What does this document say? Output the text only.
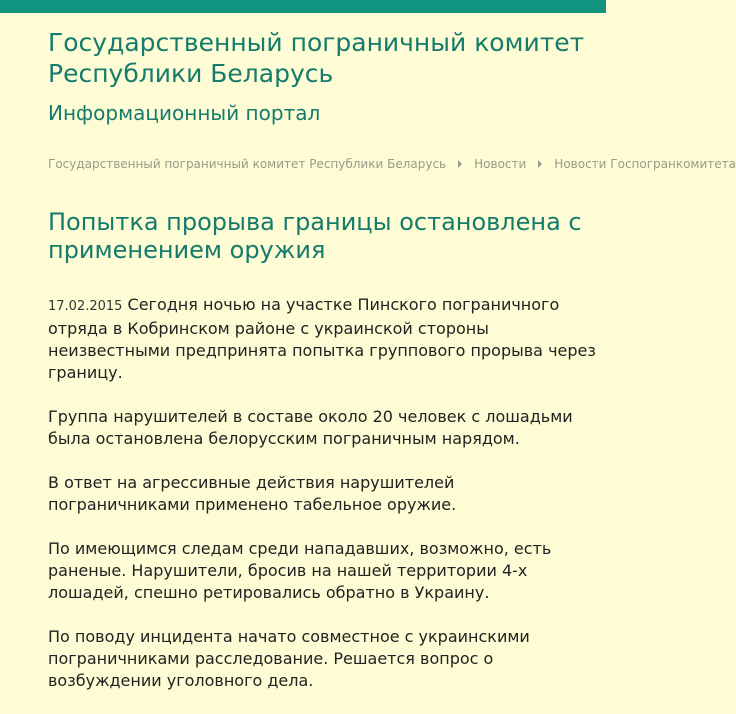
Государственный пограничный комитет Республики Беларусь
Информационный портал
Государственный пограничный комитет Республики Беларусь Новости Новости Госпогранкомитета
Попытка прорыва границы остановлена с применением оружия

17.02.2015 Сегодня ночью на участке Пинского пограничного отряда в Кобринском районе с украинской стороны неизвестными предпринята попытка группового прорыва через границу.

Группа нарушителей в составе около 20 человек с лошадьми была остановлена белорусским пограничным нарядом.

В ответ на агрессивные действия нарушителей пограничниками применено табельное оружие.

По имеющимся следам среди нападавших, возможно, есть раненые. Нарушители, бросив на нашей территории 4-х лошадей, спешно ретировались обратно в Украину.

По поводу инцидента начато совместное с украинскими пограничниками расследование. Решается вопрос о возбуждении уголовного дела.
